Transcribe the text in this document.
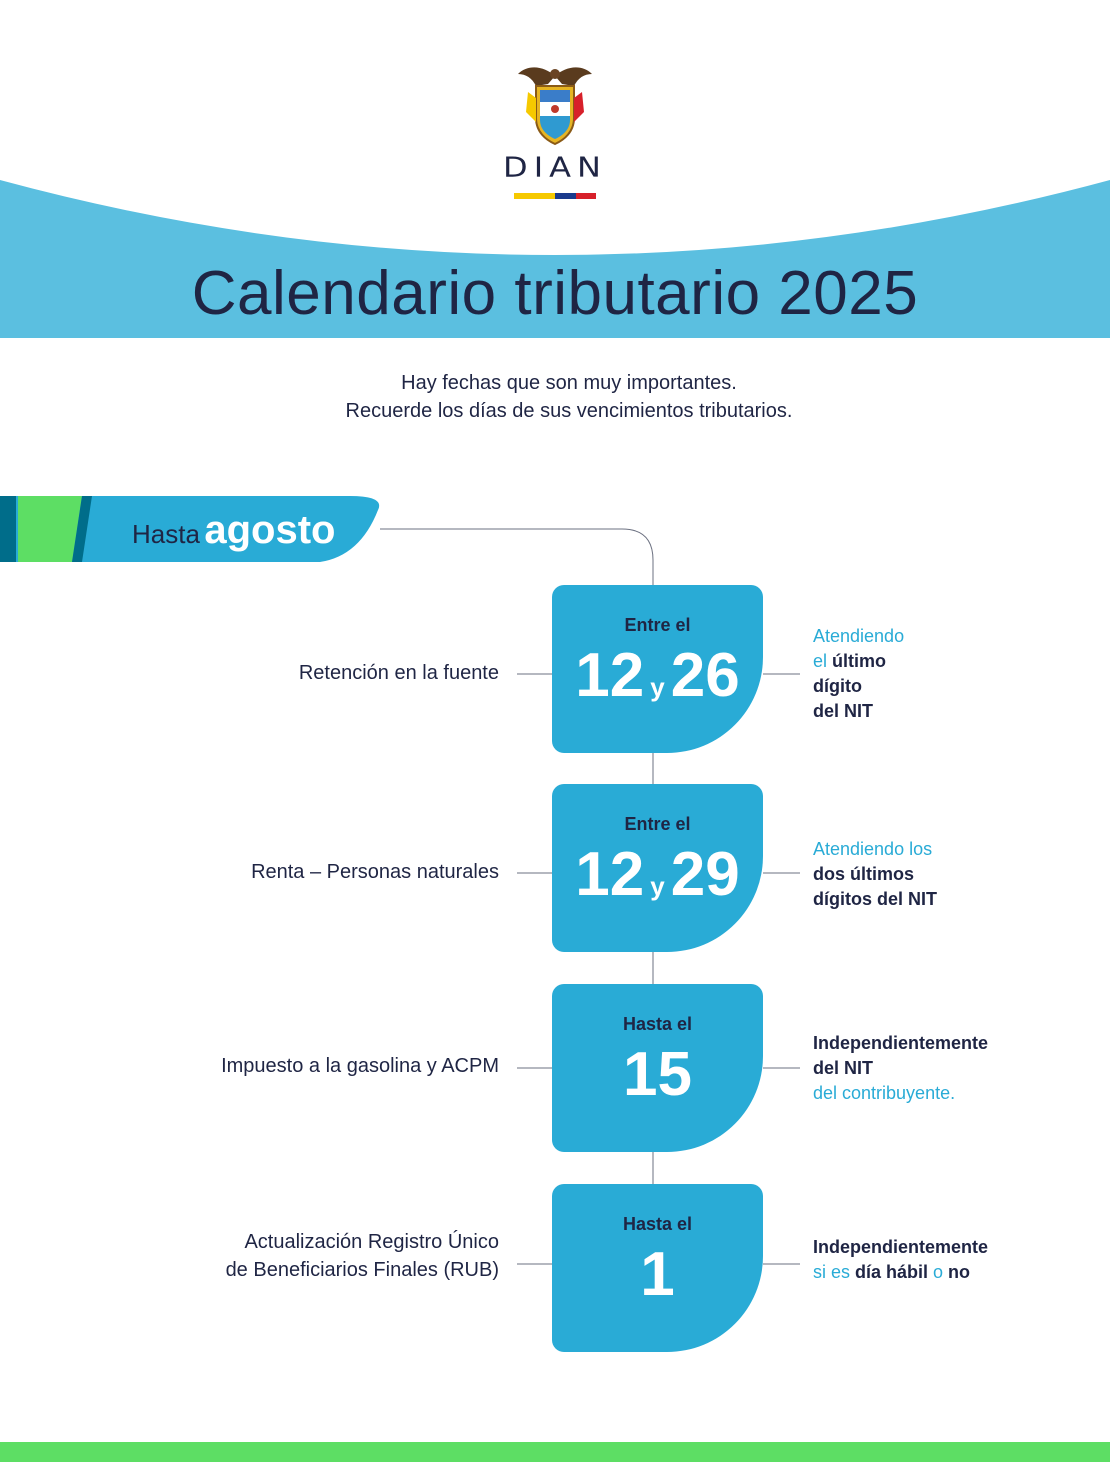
DIAN
Calendario tributario 2025
Hay fechas que son muy importantes.
Recuerde los días de sus vencimientos tributarios.
Hasta agosto
Retención en la fuente
Entre el
12 y26
Atendiendo
el último
dígito
del NIT
Renta – Personas naturales
Entre el
12 y29	Atendiendo los
dos últimos
dígitos del NIT
Impuesto a la gasolina y ACPM
Hasta el
15	Independientemente
del NIT
del contribuyente.
Actualización Registro Único
de Beneficiarios Finales (RUB)
Hasta el
1	Independientemente
si es día hábil o no
